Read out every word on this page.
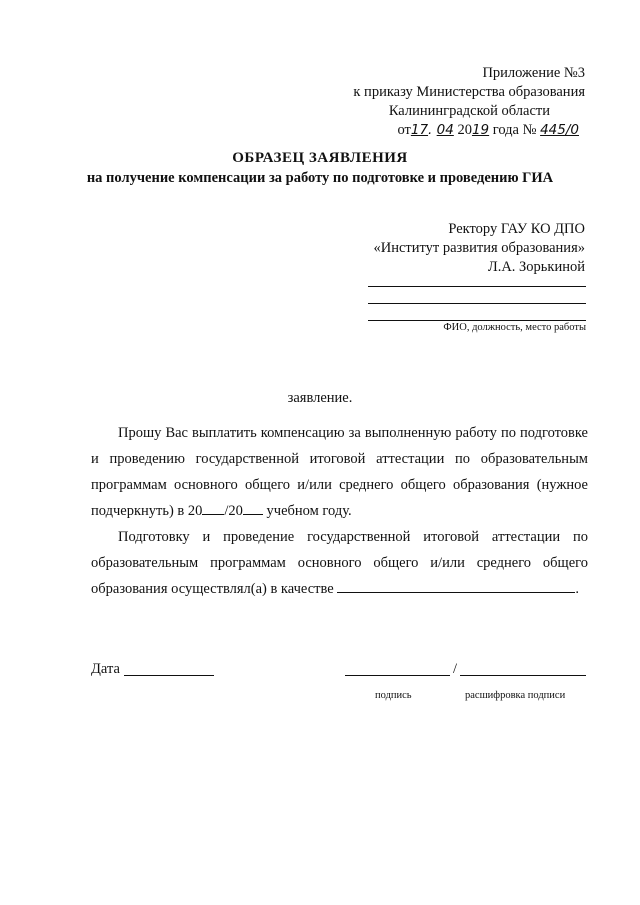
Приложение №3
к приказу Министерства образования
Калининградской области
от17. 04 2019 года № 445/0
ОБРАЗЕЦ ЗАЯВЛЕНИЯ
на получение компенсации за работу по подготовке и проведению ГИА
Ректору ГАУ КО ДПО
«Институт развития образования»
Л.А. Зорькиной
ФИО, должность, место работы
заявление.
Прошу Вас выплатить компенсацию за выполненную работу по подготовке и проведению государственной итоговой аттестации по образовательным программам основного общего и/или среднего общего образования (нужное подчеркнуть) в 20 /20 учебном году.
Подготовку и проведение государственной итоговой аттестации по образовательным программам основного общего и/или среднего общего образования осуществлял(а) в качестве	.
Дата	/
подпись	расшифровка подписи
